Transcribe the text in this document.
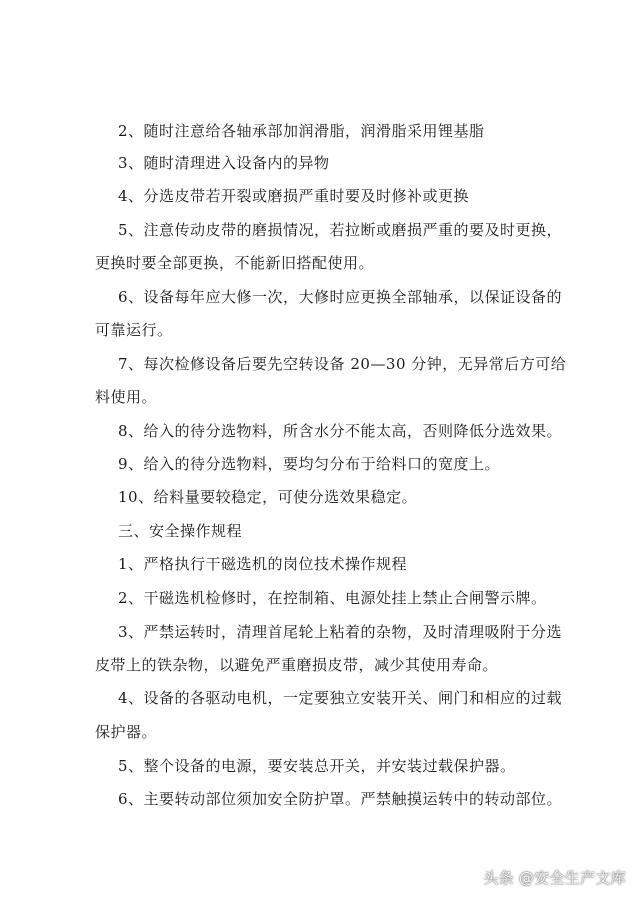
2、随时注意给各轴承部加润滑脂，润滑脂采用锂基脂
3、随时清理进入设备内的异物
4、分选皮带若开裂或磨损严重时要及时修补或更换
5、注意传动皮带的磨损情况，若拉断或磨损严重的要及时更换，
更换时要全部更换，不能新旧搭配使用。
6、设备每年应大修一次，大修时应更换全部轴承，以保证设备的
可靠运行。
7、每次检修设备后要先空转设备 20—30 分钟，无异常后方可给
料使用。
8、给入的待分选物料，所含水分不能太高，否则降低分选效果。
9、给入的待分选物料，要均匀分布于给料口的宽度上。
10、给料量要较稳定，可使分选效果稳定。
三、安全操作规程
1、严格执行干磁选机的岗位技术操作规程
2、干磁选机检修时，在控制箱、电源处挂上禁止合闸警示牌。
3、严禁运转时，清理首尾轮上粘着的杂物，及时清理吸附于分选
皮带上的铁杂物，以避免严重磨损皮带，减少其使用寿命。
4、设备的各驱动电机，一定要独立安装开关、闸门和相应的过载
保护器。
5、整个设备的电源，要安装总开关，并安装过载保护器。
6、主要转动部位须加安全防护罩。严禁触摸运转中的转动部位。
头条 @安全生产文库
